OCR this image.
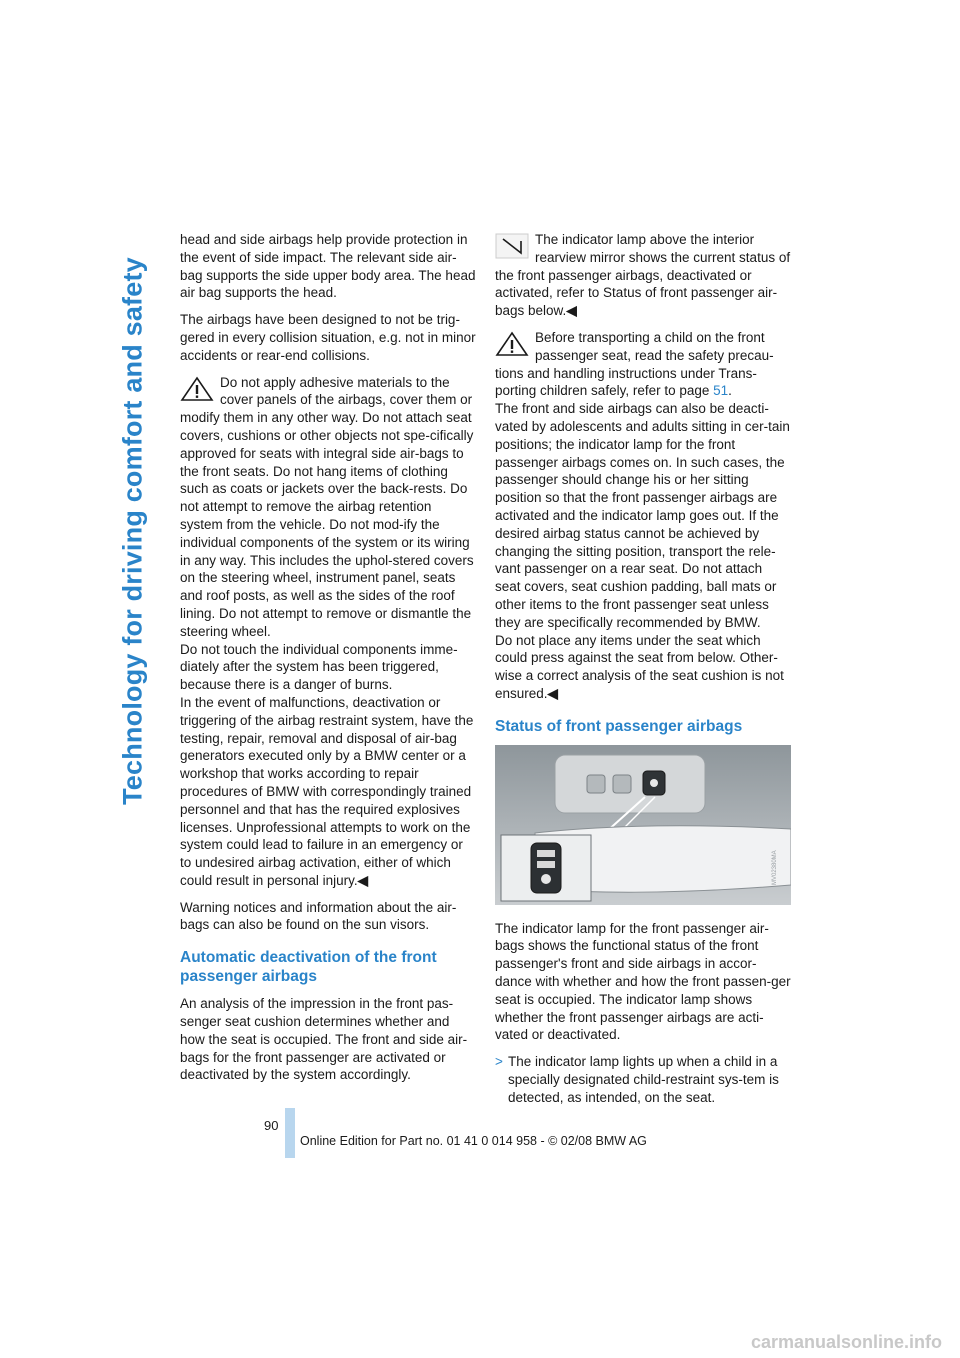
Technology for driving comfort and safety

head and side airbags help provide protection in the event of side impact. The relevant side air-bag supports the side upper body area. The head air bag supports the head.

The airbags have been designed to not be trig-gered in every collision situation, e.g. not in minor accidents or rear-end collisions.

Do not apply adhesive materials to the cover panels of the airbags, cover them or modify them in any other way. Do not attach seat covers, cushions or other objects not spe-cifically approved for seats with integral side air-bags to the front seats. Do not hang items of clothing such as coats or jackets over the back-rests. Do not attempt to remove the airbag retention system from the vehicle. Do not mod-ify the individual components of the system or its wiring in any way. This includes the uphol-stered covers on the steering wheel, instrument panel, seats and roof posts, as well as the sides of the roof lining. Do not attempt to remove or dismantle the steering wheel.

Do not touch the individual components imme-diately after the system has been triggered, because there is a danger of burns.

In the event of malfunctions, deactivation or triggering of the airbag restraint system, have the testing, repair, removal and disposal of air-bag generators executed only by a BMW center or a workshop that works according to repair procedures of BMW with correspondingly trained personnel and that has the required explosives licenses. Unprofessional attempts to work on the system could lead to failure in an emergency or to undesired airbag activation, either of which could result in personal injury.◀

Warning notices and information about the air-bags can also be found on the sun visors.

Automatic deactivation of the front passenger airbags

An analysis of the impression in the front pas-senger seat cushion determines whether and how the seat is occupied. The front and side air-bags for the front passenger are activated or deactivated by the system accordingly.

The indicator lamp above the interior rearview mirror shows the current status of the front passenger airbags, deactivated or activated, refer to Status of front passenger air-bags below.◀

Before transporting a child on the front passenger seat, read the safety precau-tions and handling instructions under Trans-porting children safely, refer to page 51.

The front and side airbags can also be deacti-vated by adolescents and adults sitting in cer-tain positions; the indicator lamp for the front passenger airbags comes on. In such cases, the passenger should change his or her sitting position so that the front passenger airbags are activated and the indicator lamp goes out. If the desired airbag status cannot be achieved by changing the sitting position, transport the rele-vant passenger on a rear seat. Do not attach seat covers, seat cushion padding, ball mats or other items to the front passenger seat unless they are specifically recommended by BMW.

Do not place any items under the seat which could press against the seat from below. Other-wise a correct analysis of the seat cushion is not ensured.◀

Status of front passenger airbags
MV02380MA

The indicator lamp for the front passenger air-bags shows the functional status of the front passenger's front and side airbags in accor-dance with whether and how the front passen-ger seat is occupied. The indicator lamp shows whether the front passenger airbags are acti-vated or deactivated.

> The indicator lamp lights up when a child in a specially designated child-restraint sys-tem is detected, as intended, on the seat.
90
Online Edition for Part no. 01 41 0 014 958 - © 02/08 BMW AG
carmanualsonline.info
